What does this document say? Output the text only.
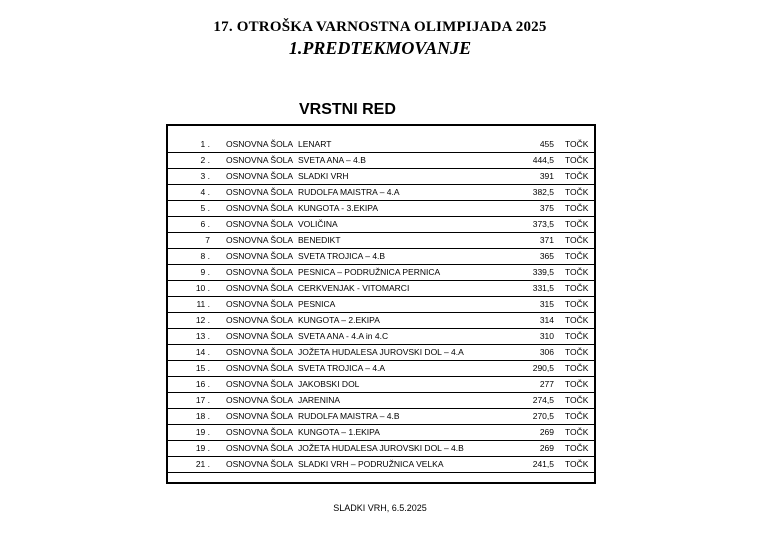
17. OTROŠKA VARNOSTNA OLIMPIJADA 2025
1.PREDTEKMOVANJE
VRSTNI RED
1 . OSNOVNA ŠOLA LENART	455 TOČK
2 . OSNOVNA ŠOLA SVETA ANA – 4.B	444,5 TOČK
3 . OSNOVNA ŠOLA SLADKI VRH	391 TOČK
4 . OSNOVNA ŠOLA RUDOLFA MAISTRA – 4.A	382,5 TOČK
5 . OSNOVNA ŠOLA KUNGOTA - 3.EKIPA	375 TOČK
6 . OSNOVNA ŠOLA VOLIČINA	373,5 TOČK
7 OSNOVNA ŠOLA BENEDIKT	371 TOČK
8 . OSNOVNA ŠOLA SVETA TROJICA – 4.B	365 TOČK
9 . OSNOVNA ŠOLA PESNICA – PODRUŽNICA PERNICA	339,5 TOČK
10 . OSNOVNA ŠOLA CERKVENJAK - VITOMARCI	331,5 TOČK
11 . OSNOVNA ŠOLA PESNICA	315 TOČK
12 . OSNOVNA ŠOLA KUNGOTA – 2.EKIPA	314 TOČK
13 . OSNOVNA ŠOLA SVETA ANA - 4.A in 4.C	310 TOČK
14 . OSNOVNA ŠOLA JOŽETA HUDALESA JUROVSKI DOL – 4.A	306 TOČK
15 . OSNOVNA ŠOLA SVETA TROJICA – 4.A	290,5 TOČK
16 . OSNOVNA ŠOLA JAKOBSKI DOL	277 TOČK
17 . OSNOVNA ŠOLA JARENINA	274,5 TOČK
18 . OSNOVNA ŠOLA RUDOLFA MAISTRA – 4.B	270,5 TOČK
19 . OSNOVNA ŠOLA KUNGOTA – 1.EKIPA	269 TOČK
19 . OSNOVNA ŠOLA JOŽETA HUDALESA JUROVSKI DOL – 4.B	269 TOČK
21 . OSNOVNA ŠOLA SLADKI VRH – PODRUŽNICA VELKA	241,5 TOČK
SLADKI VRH, 6.5.2025
